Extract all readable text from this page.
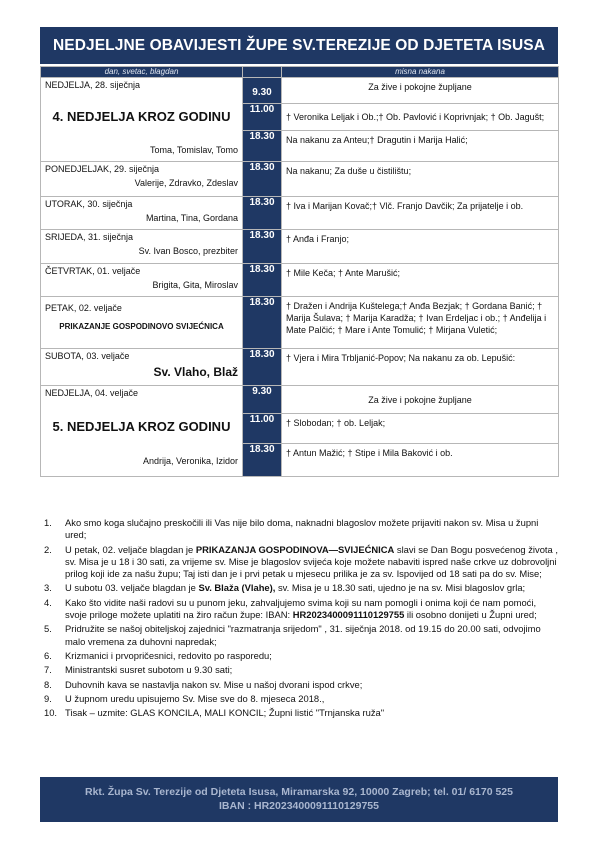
NEDJELJNE OBAVIJESTI ŽUPE SV.TEREZIJE OD DJETETA ISUSA
dan, svetac, blagdan		misna nakana

NEDJELJA, 28. siječnja
4. NEDJELJA KROZ GODINU
Toma, Tomislav, Tomo	9.30	Za žive i pokojne župljane
	11.00	† Veronika Leljak i Ob.;† Ob. Pavlović i Koprivnjak; † Ob. Jagušt;
	18.30	Na nakanu za Anteu;† Dragutin i Marija Halić;

PONEDJELJAK, 29. siječnja
Valerije, Zdravko, Zdeslav	18.30	Na nakanu; Za duše u čistilištu;

UTORAK, 30. siječnja
Martina, Tina, Gordana	18.30	† Iva i Marijan Kovač;† Vlč. Franjo Davčik; Za prijatelje i ob.

SRIJEDA, 31. siječnja
Sv. Ivan Bosco, prezbiter	18.30	† Anđa i Franjo;

ČETVRTAK, 01. veljače
Brigita, Gita, Miroslav	18.30	† Mile Keča; † Ante Marušić;

PETAK, 02. veljače
PRIKAZANJE GOSPODINOVO SVIJEĆNICA	18.30	† Dražen i Andrija Kuštelega;† Anđa Bezjak; † Gordana Banić; † Marija Šulava; † Marija Karadža; † Ivan Erdeljac i ob.; † Anđelija i Mate Palčić; † Mare i Ante Tomulić; † Mirjana Vuletić;

SUBOTA, 03. veljače
Sv. Vlaho, Blaž	18.30	† Vjera i Mira Trbljanić-Popov; Na nakanu za ob. Lepušić:

NEDJELJA, 04. veljače
5. NEDJELJA KROZ GODINU
Andrija, Veronika, Izidor	9.30	Za žive i pokojne župljane
	11.00	† Slobodan; † ob. Leljak;
	18.30	† Antun Mažić; † Stipe i Mila Baković i ob.
1.	Ako smo koga slučajno preskočili ili Vas nije bilo doma, naknadni blagoslov možete prijaviti nakon sv. Misa u župni ured;
2.	U petak, 02. veljače blagdan je PRIKAZANJA GOSPODINOVA—SVIJEĆNICA slavi se Dan Bogu posvećenog života , sv. Misa je u 18 i 30 sati, za vrijeme sv. Mise je blagoslov svijeća koje možete nabaviti ispred naše crkve uz dobrovoljni prilog koji ide za našu župu; Taj isti dan je i prvi petak u mjesecu prilika je za sv. Ispovijed od 18 sati pa do sv. Mise;
3.	U subotu 03. veljače blagdan je Sv. Blaža (Vlahe), sv. Misa je u 18.30 sati, ujedno je na sv. Misi blagoslov grla;
4.	Kako što vidite naši radovi su u punom jeku, zahvaljujemo svima koji su nam pomogli i onima koji će nam pomoći, svoje priloge možete uplatiti na žiro račun župe: IBAN: HR2023400091110129755 ili osobno donijeti u Župni ured;
5.	Pridružite se našoj obiteljskoj zajednici "razmatranja srijedom" , 31. siječnja 2018. od 19.15 do 20.00 sati, odvojimo malo vremena za duhovni napredak;
6.	Krizmanici i prvopričesnici, redovito po rasporedu;
7.	Ministrantski susret subotom u 9.30 sati;
8.	Duhovnih kava se nastavlja nakon sv. Mise u našoj dvorani ispod crkve;
9.	U župnom uredu upisujemo Sv. Mise sve do 8. mjeseca 2018.,
10. Tisak – uzmite: GLAS KONCILA, MALI KONCIL; Župni listić "Trnjanska ruža"
Rkt. Župa Sv. Terezije od Djeteta Isusa, Miramarska 92, 10000 Zagreb; tel. 01/ 6170 525
IBAN : HR2023400091110129755
